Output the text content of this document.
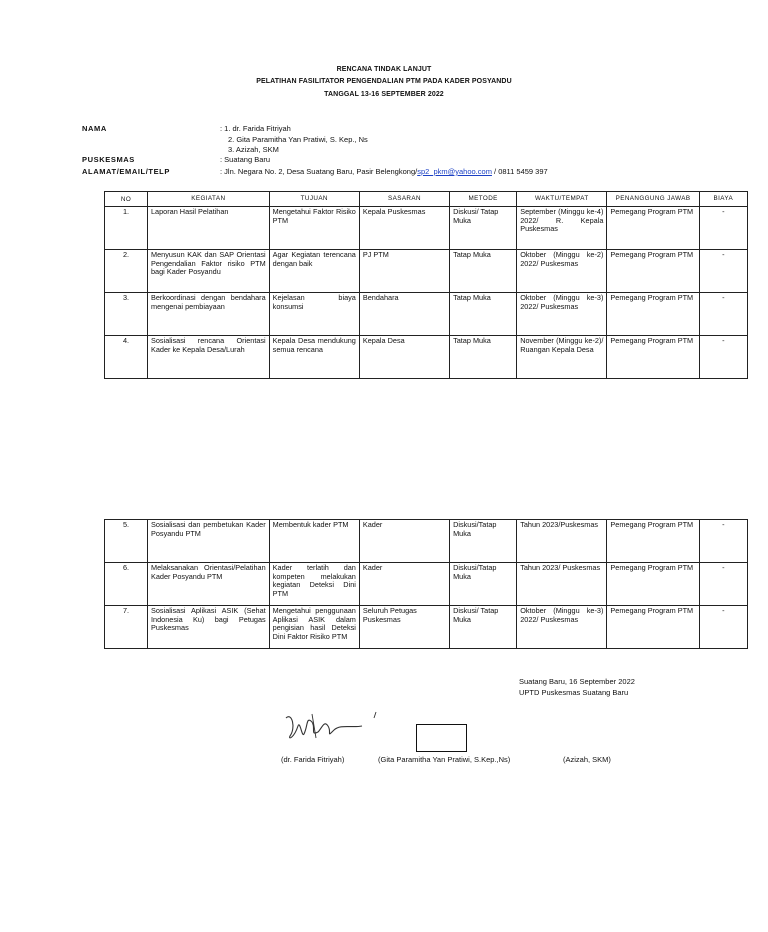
RENCANA TINDAK LANJUT
PELATIHAN FASILITATOR PENGENDALIAN PTM PADA KADER POSYANDU
TANGGAL 13-16 SEPTEMBER 2022
NAMA	: 1. dr. Farida Fitriyah
2. Gita Paramitha Yan Pratiwi, S. Kep., Ns
3. Azizah, SKM
PUSKESMAS	: Suatang Baru
ALAMAT/EMAIL/TELP	: Jln. Negara No. 2, Desa Suatang Baru, Pasir Belengkong/sp2_pkm@yahoo.com / 0811 5459 397
NO	KEGIATAN	TUJUAN	SASARAN	METODE	WAKTU/TEMPAT	PENANGGUNG JAWAB	BIAYA
1.	Laporan Hasil Pelatihan	Mengetahui Faktor Risiko PTM	Kepala Puskesmas	Diskusi/ Tatap Muka	September (Minggu ke-4) 2022/ R. Kepala Puskesmas	Pemegang Program PTM	-
2.	Menyusun KAK dan SAP Orientasi Pengendalian Faktor risiko PTM bagi Kader Posyandu	Agar Kegiatan terencana dengan baik	PJ PTM	Tatap Muka	Oktober (Minggu ke-2) 2022/ Puskesmas	Pemegang Program PTM	-
3.	Berkoordinasi dengan bendahara mengenai pembiayaan	Kejelasan biaya konsumsi	Bendahara	Tatap Muka	Oktober (Minggu ke-3) 2022/ Puskesmas	Pemegang Program PTM	-
4.	Sosialisasi rencana Orientasi Kader ke Kepala Desa/Lurah	Kepala Desa mendukung semua rencana	Kepala Desa	Tatap Muka	November (Minggu ke-2)/ Ruangan Kepala Desa	Pemegang Program PTM	-
5.	Sosialisasi dan pembetukan Kader Posyandu PTM	Membentuk kader PTM	Kader	Diskusi/Tatap Muka	Tahun 2023/Puskesmas	Pemegang Program PTM	-
6.	Melaksanakan Orientasi/Pelatihan Kader Posyandu PTM	Kader terlatih dan kompeten melakukan kegiatan Deteksi Dini PTM	Kader	Diskusi/Tatap Muka	Tahun 2023/ Puskesmas	Pemegang Program PTM	-
7.	Sosialisasi Aplikasi ASIK (Sehat Indonesia Ku) bagi Petugas Puskesmas	Mengetahui penggunaan Aplikasi ASIK dalam pengisian hasil Deteksi Dini Faktor Risiko PTM	Seluruh Petugas Puskesmas	Diskusi/ Tatap Muka	Oktober (Minggu ke-3) 2022/ Puskesmas	Pemegang Program PTM	-
Suatang Baru, 16 September 2022
UPTD Puskesmas Suatang Baru
(dr. Farida Fitriyah)	(Gita Paramitha Yan Pratiwi, S.Kep.,Ns)	(Azizah, SKM)
